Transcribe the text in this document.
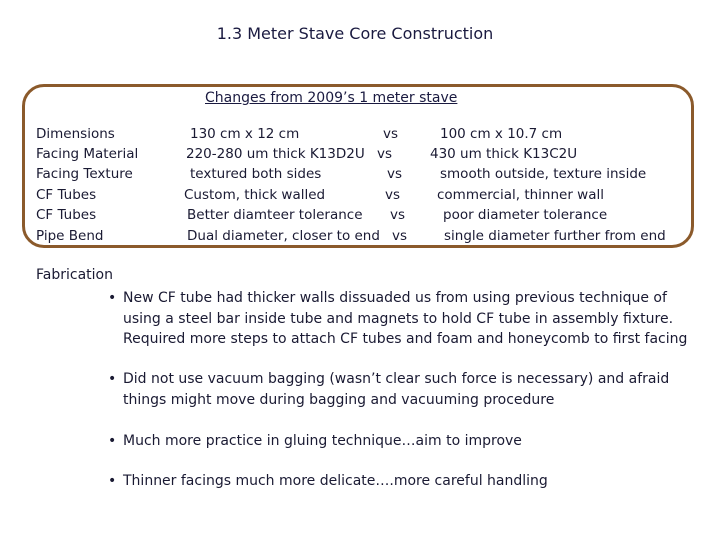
1.3 Meter Stave Core Construction
Changes from 2009’s 1 meter stave
Dimensions	130 cm x 12 cm	vs	100 cm x 10.7 cm
Facing Material	220-280 um thick K13D2U vs	430 um thick K13C2U
Facing Texture	textured both sides	vs	smooth outside, texture inside
CF Tubes	Custom, thick walled	vs	commercial, thinner wall
CF Tubes	Better diamteer tolerance vs	poor diameter tolerance
Pipe Bend	Dual diameter, closer to end vs	single diameter further from end
Fabrication
• New CF tube had thicker walls dissuaded us from using previous technique of
using a steel bar inside tube and magnets to hold CF tube in assembly fixture.
Required more steps to attach CF tubes and foam and honeycomb to first facing
• Did not use vacuum bagging (wasn’t clear such force is necessary) and afraid
things might move during bagging and vacuuming procedure
• Much more practice in gluing technique…aim to improve
• Thinner facings much more delicate….more careful handling
